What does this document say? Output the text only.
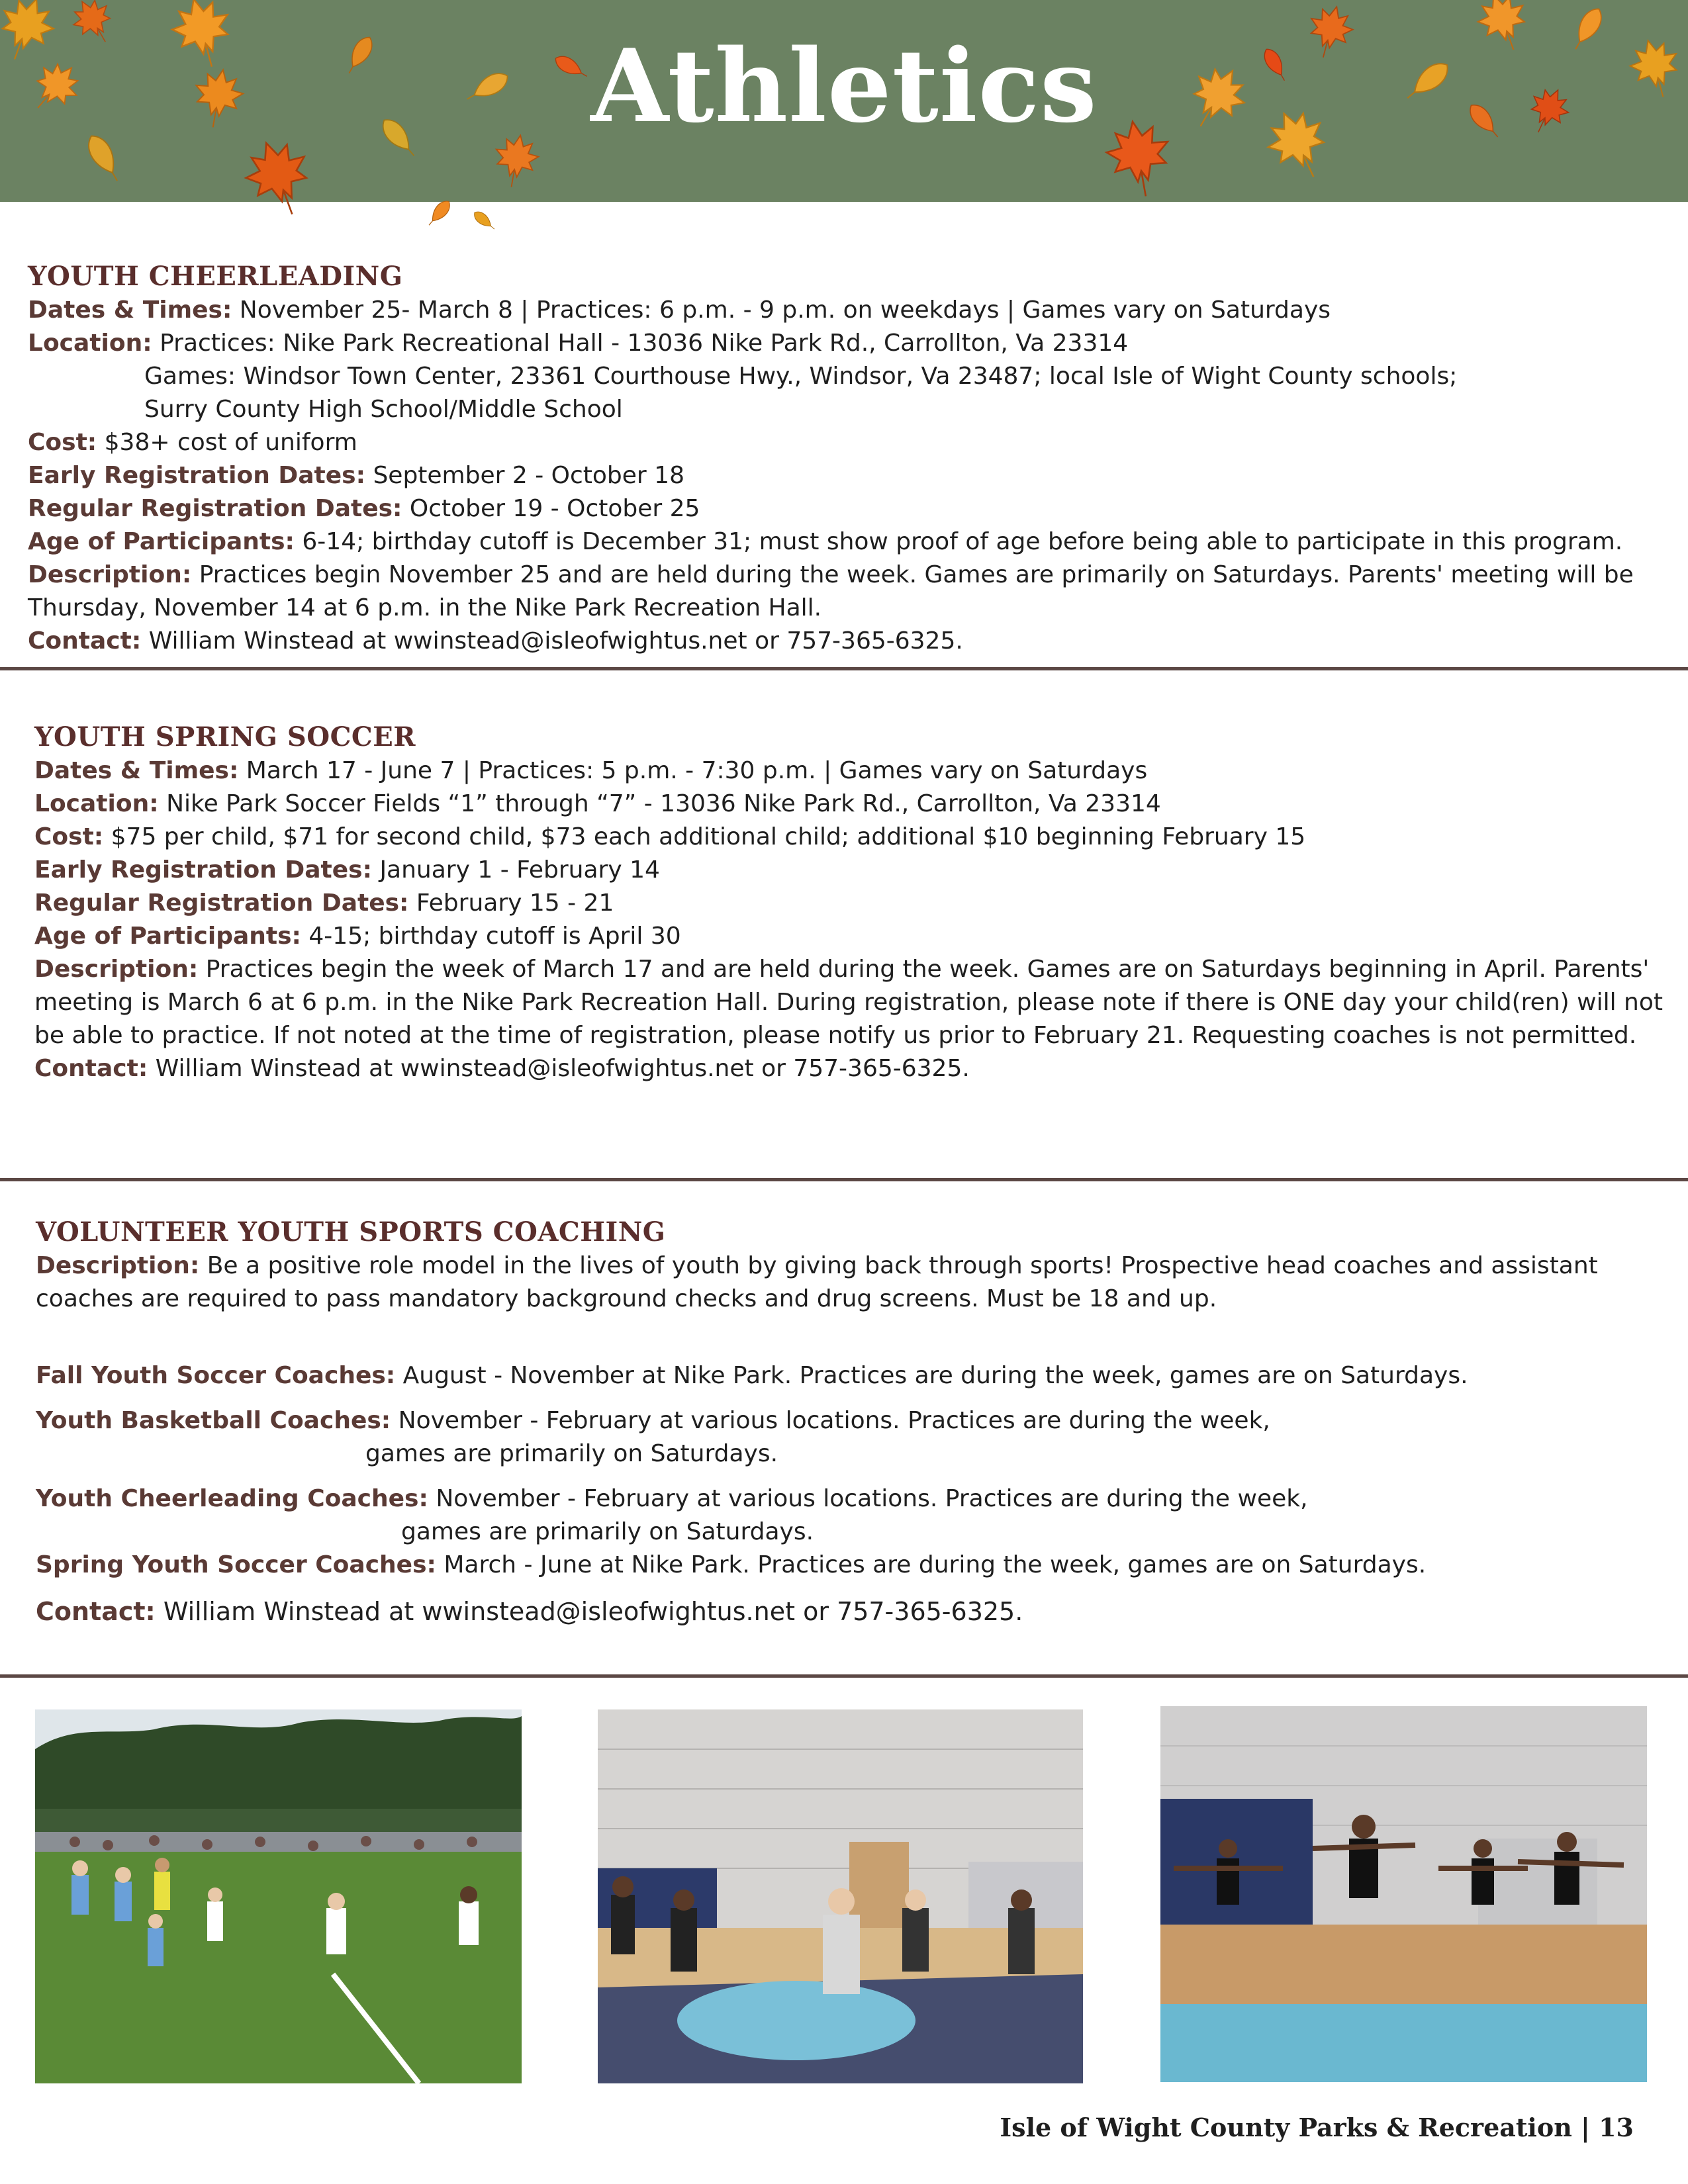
Athletics
YOUTH CHEERLEADING
Dates & Times: November 25- March 8 | Practices: 6 p.m. - 9 p.m. on weekdays | Games vary on Saturdays
Location: Practices: Nike Park Recreational Hall - 13036 Nike Park Rd., Carrollton, Va 23314
Games: Windsor Town Center, 23361 Courthouse Hwy., Windsor, Va 23487; local Isle of Wight County schools;
Surry County High School/Middle School
Cost: $38+ cost of uniform
Early Registration Dates: September 2 - October 18
Regular Registration Dates: October 19 - October 25
Age of Participants: 6-14; birthday cutoff is December 31; must show proof of age before being able to participate in this program.
Description: Practices begin November 25 and are held during the week. Games are primarily on Saturdays. Parents' meeting will be
Thursday, November 14 at 6 p.m. in the Nike Park Recreation Hall.
Contact: William Winstead at wwinstead@isleofwightus.net or 757-365-6325.
YOUTH SPRING SOCCER
Dates & Times: March 17 - June 7 | Practices: 5 p.m. - 7:30 p.m. | Games vary on Saturdays
Location: Nike Park Soccer Fields “1” through “7” - 13036 Nike Park Rd., Carrollton, Va 23314
Cost: $75 per child, $71 for second child, $73 each additional child; additional $10 beginning February 15
Early Registration Dates: January 1 - February 14
Regular Registration Dates: February 15 - 21
Age of Participants: 4-15; birthday cutoff is April 30
Description: Practices begin the week of March 17 and are held during the week. Games are on Saturdays beginning in April. Parents'
meeting is March 6 at 6 p.m. in the Nike Park Recreation Hall. During registration, please note if there is ONE day your child(ren) will not
be able to practice. If not noted at the time of registration, please notify us prior to February 21. Requesting coaches is not permitted.
Contact: William Winstead at wwinstead@isleofwightus.net or 757-365-6325.
VOLUNTEER YOUTH SPORTS COACHING
Description: Be a positive role model in the lives of youth by giving back through sports! Prospective head coaches and assistant
coaches are required to pass mandatory background checks and drug screens. Must be 18 and up.
Fall Youth Soccer Coaches: August - November at Nike Park. Practices are during the week, games are on Saturdays.
Youth Basketball Coaches: November - February at various locations. Practices are during the week,
games are primarily on Saturdays.
Youth Cheerleading Coaches: November - February at various locations. Practices are during the week,
games are primarily on Saturdays.
Spring Youth Soccer Coaches: March - June at Nike Park. Practices are during the week, games are on Saturdays.
Contact: William Winstead at wwinstead@isleofwightus.net or 757-365-6325.
Isle of Wight County Parks & Recreation | 13
